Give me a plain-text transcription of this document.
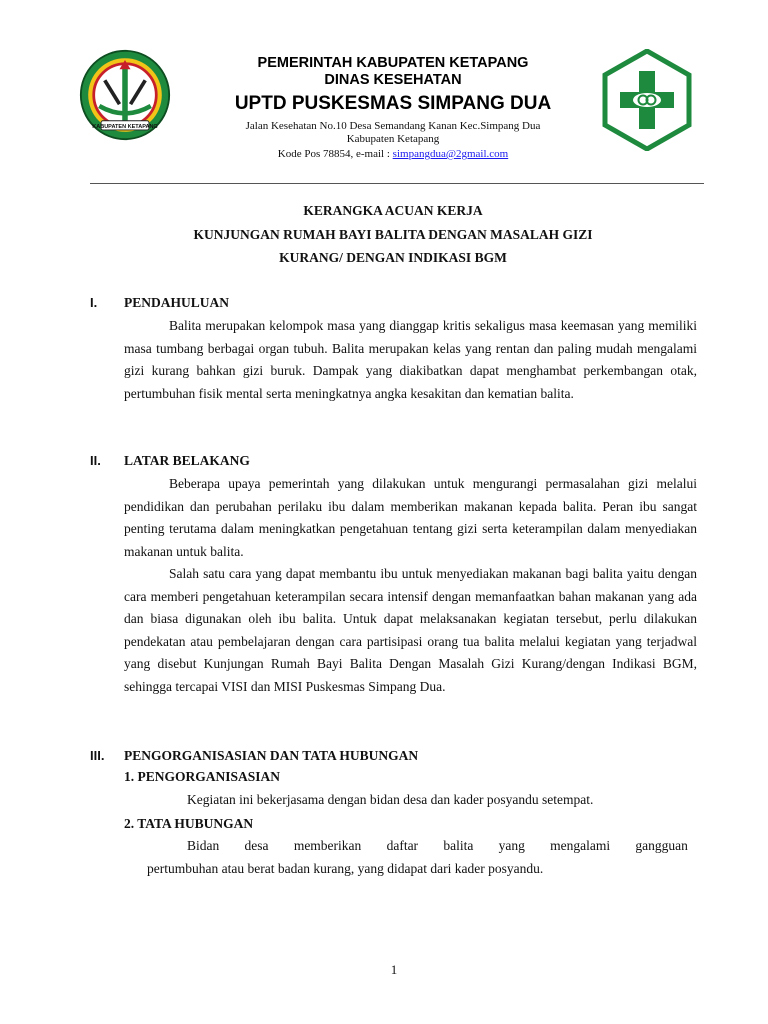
KABUPATEN KETAPANG
PEMERINTAH KABUPATEN KETAPANG
DINAS KESEHATAN
UPTD PUSKESMAS SIMPANG DUA
Jalan Kesehatan No.10 Desa Semandang Kanan Kec.Simpang Dua
Kabupaten Ketapang
Kode Pos 78854, e-mail : simpangdua@2gmail.com
KERANGKA ACUAN KERJA
KUNJUNGAN RUMAH BAYI BALITA DENGAN MASALAH GIZI
KURANG/ DENGAN INDIKASI BGM
I. PENDAHULUAN
Balita merupakan kelompok masa yang dianggap kritis sekaligus masa keemasan yang memiliki masa tumbang berbagai organ tubuh. Balita merupakan kelas yang rentan dan paling mudah mengalami gizi kurang bahkan gizi buruk. Dampak yang diakibatkan dapat menghambat perkembangan otak, pertumbuhan fisik mental serta meningkatnya angka kesakitan dan kematian balita.
II. LATAR BELAKANG
Beberapa upaya pemerintah yang dilakukan untuk mengurangi permasalahan gizi melalui pendidikan dan perubahan perilaku ibu dalam memberikan makanan kepada balita. Peran ibu sangat penting terutama dalam meningkatkan pengetahuan tentang gizi serta keterampilan dalam menyediakan makanan untuk balita.
Salah satu cara yang dapat membantu ibu untuk menyediakan makanan bagi balita yaitu dengan cara memberi pengetahuan keterampilan secara intensif dengan memanfaatkan bahan makanan yang ada dan biasa digunakan oleh ibu balita. Untuk dapat melaksanakan kegiatan tersebut, perlu dilakukan pendekatan atau pembelajaran dengan cara partisipasi orang tua balita melalui kegiatan yang terjadwal yang disebut Kunjungan Rumah Bayi Balita Dengan Masalah Gizi Kurang/dengan Indikasi BGM, sehingga tercapai VISI dan MISI Puskesmas Simpang Dua.
III. PENGORGANISASIAN DAN TATA HUBUNGAN
1. PENGORGANISASIAN
Kegiatan ini bekerjasama dengan bidan desa dan kader posyandu setempat.
2. TATA HUBUNGAN
Bidan desa memberikan daftar balita yang mengalami gangguan
pertumbuhan atau berat badan kurang, yang didapat dari kader posyandu.
1
